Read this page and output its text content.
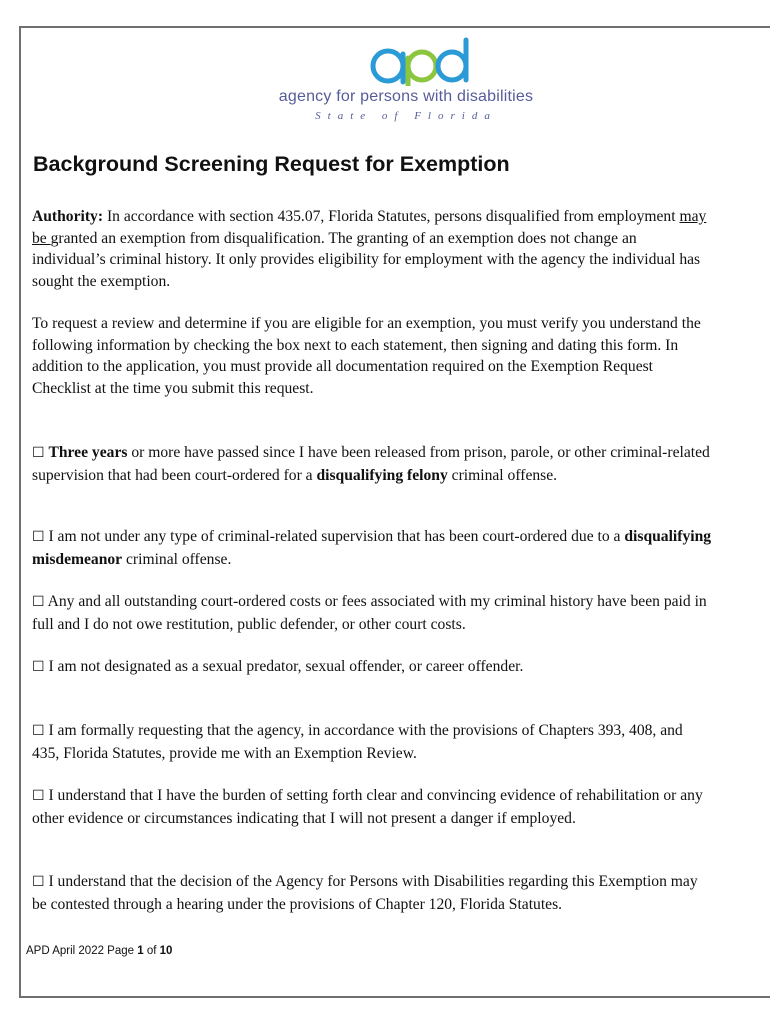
agency for persons with disabilities
State of Florida
Background Screening Request for Exemption

Authority: In accordance with section 435.07, Florida Statutes, persons disqualified from employment may be granted an exemption from disqualification. The granting of an exemption does not change an individual’s criminal history. It only provides eligibility for employment with the agency the individual has sought the exemption.

To request a review and determine if you are eligible for an exemption, you must verify you understand the following information by checking the box next to each statement, then signing and dating this form. In addition to the application, you must provide all documentation required on the Exemption Request Checklist at the time you submit this request.

☐ Three years or more have passed since I have been released from prison, parole, or other criminal-related supervision that had been court-ordered for a disqualifying felony criminal offense.

☐ I am not under any type of criminal-related supervision that has been court-ordered due to a disqualifying misdemeanor criminal offense.

☐ Any and all outstanding court-ordered costs or fees associated with my criminal history have been paid in full and I do not owe restitution, public defender, or other court costs.

☐ I am not designated as a sexual predator, sexual offender, or career offender.

☐ I am formally requesting that the agency, in accordance with the provisions of Chapters 393, 408, and 435, Florida Statutes, provide me with an Exemption Review.

☐ I understand that I have the burden of setting forth clear and convincing evidence of rehabilitation or any other evidence or circumstances indicating that I will not present a danger if employed.

☐ I understand that the decision of the Agency for Persons with Disabilities regarding this Exemption may be contested through a hearing under the provisions of Chapter 120, Florida Statutes.

APD April 2022 Page 1 of 10
